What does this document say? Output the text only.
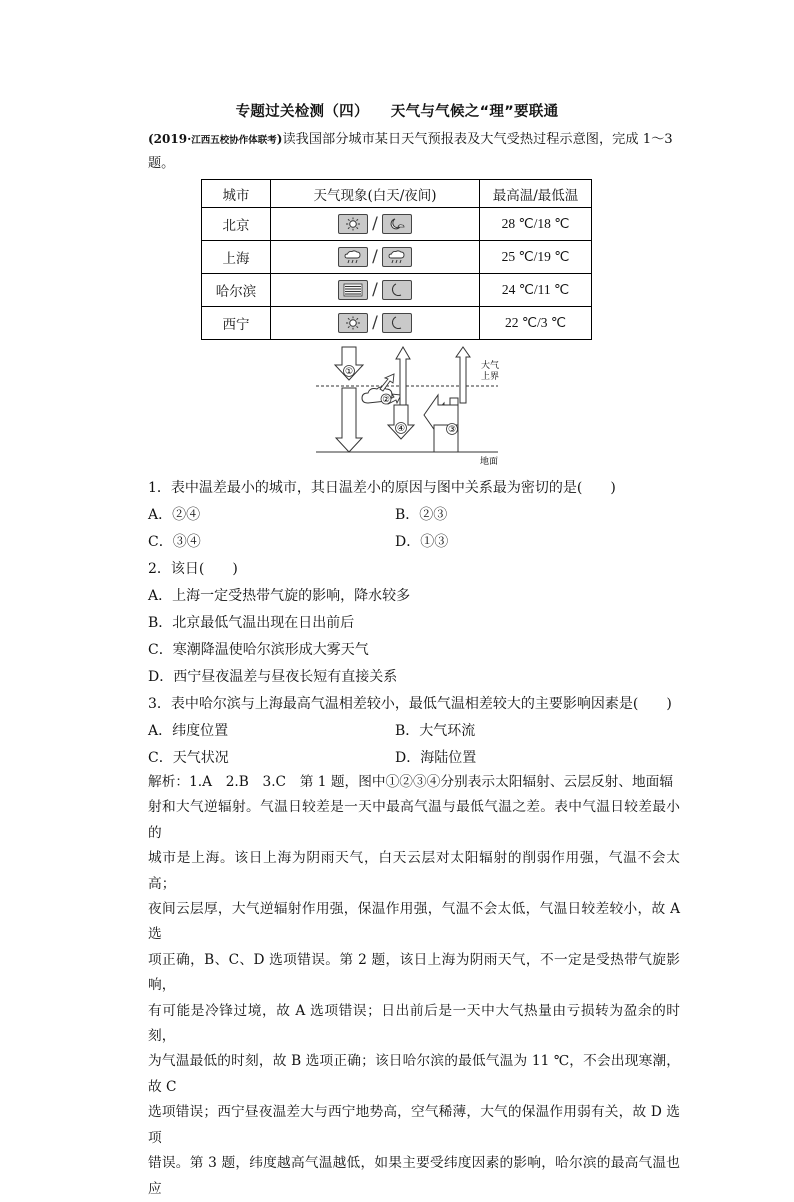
专题过关检测（四） 天气与气候之“理”要联通
(2019·江西五校协作体联考)读我国部分城市某日天气预报表及大气受热过程示意图，完成 1～3 题。
城市	天气现象(白天/夜间)	最高温/最低温
北京	/	28 ℃/18 ℃
上海	/	25 ℃/19 ℃
哈尔滨	/	24 ℃/11 ℃
西宁	/	22 ℃/3 ℃
①
②
④	③
大气
上界
地面
1．表中温差最小的城市，其日温差小的原因与图中关系最为密切的是(　　)
A．②④	B．②③
C．③④	D．①③
2．该日(　　)
A．上海一定受热带气旋的影响，降水较多
B．北京最低气温出现在日出前后
C．寒潮降温使哈尔滨形成大雾天气
D．西宁昼夜温差与昼夜长短有直接关系
3．表中哈尔滨与上海最高气温相差较小，最低气温相差较大的主要影响因素是(　　)
A．纬度位置	B．大气环流
C．天气状况	D．海陆位置
解析：1.A　2.B　3.C　第 1 题，图中①②③④分别表示太阳辐射、云层反射、地面辐
射和大气逆辐射。气温日较差是一天中最高气温与最低气温之差。表中气温日较差最小的
城市是上海。该日上海为阴雨天气，白天云层对太阳辐射的削弱作用强，气温不会太高；
夜间云层厚，大气逆辐射作用强，保温作用强，气温不会太低，气温日较差较小，故 A 选
项正确，B、C、D 选项错误。第 2 题，该日上海为阴雨天气，不一定是受热带气旋影响，
有可能是冷锋过境，故 A 选项错误；日出前后是一天中大气热量由亏损转为盈余的时刻，
为气温最低的时刻，故 B 选项正确；该日哈尔滨的最低气温为 11 ℃，不会出现寒潮，故 C
选项错误；西宁昼夜温差大与西宁地势高，空气稀薄，大气的保温作用弱有关，故 D 选项
错误。第 3 题，纬度越高气温越低，如果主要受纬度因素的影响，哈尔滨的最高气温也应
